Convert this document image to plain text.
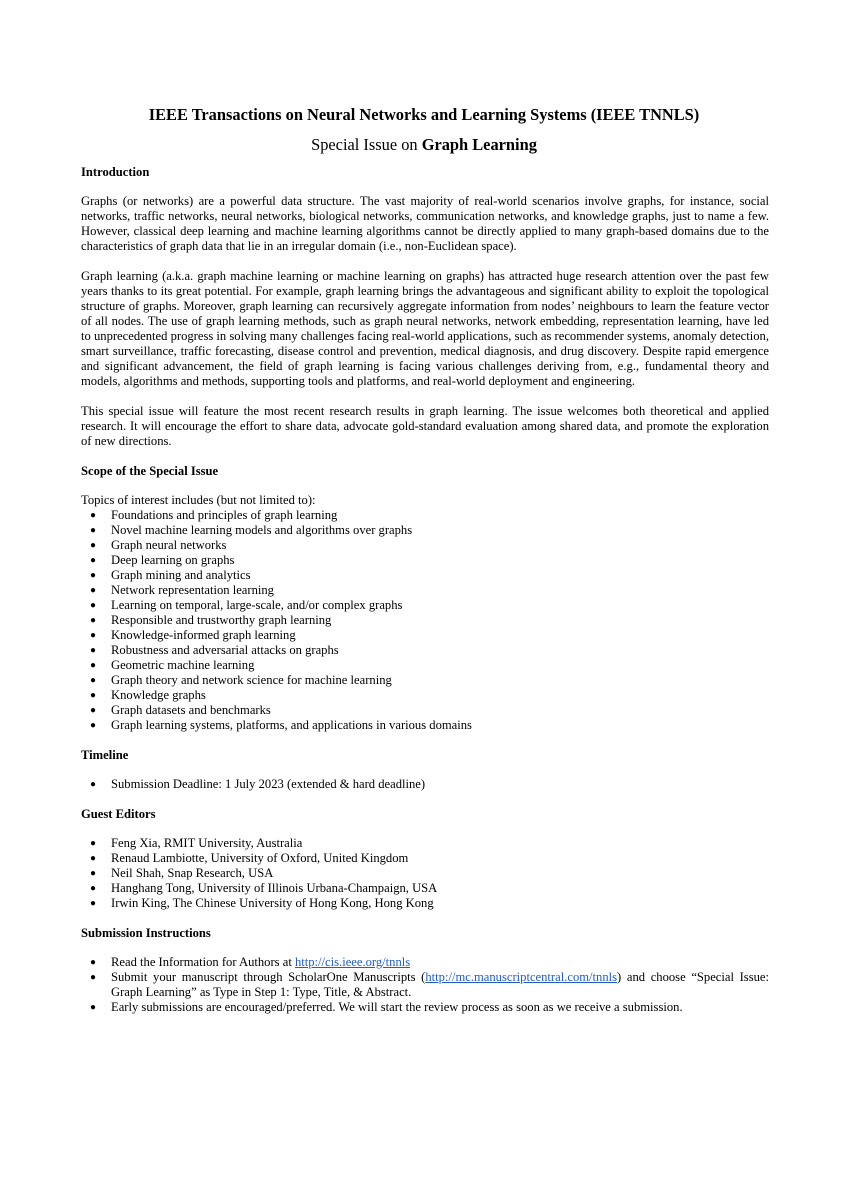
IEEE Transactions on Neural Networks and Learning Systems (IEEE TNNLS)
Special Issue on Graph Learning
Introduction

Graphs (or networks) are a powerful data structure. The vast majority of real-world scenarios involve graphs, for instance, social networks, traffic networks, neural networks, biological networks, communication networks, and knowledge graphs, just to name a few. However, classical deep learning and machine learning algorithms cannot be directly applied to many graph-based domains due to the characteristics of graph data that lie in an irregular domain (i.e., non-Euclidean space).

Graph learning (a.k.a. graph machine learning or machine learning on graphs) has attracted huge research attention over the past few years thanks to its great potential. For example, graph learning brings the advantageous and significant ability to exploit the topological structure of graphs. Moreover, graph learning can recursively aggregate information from nodes’ neighbours to learn the feature vector of all nodes. The use of graph learning methods, such as graph neural networks, network embedding, representation learning, have led to unprecedented progress in solving many challenges facing real-world applications, such as recommender systems, anomaly detection, smart surveillance, traffic forecasting, disease control and prevention, medical diagnosis, and drug discovery. Despite rapid emergence and significant advancement, the field of graph learning is facing various challenges deriving from, e.g., fundamental theory and models, algorithms and methods, supporting tools and platforms, and real-world deployment and engineering.

This special issue will feature the most recent research results in graph learning. The issue welcomes both theoretical and applied research. It will encourage the effort to share data, advocate gold-standard evaluation among shared data, and promote the exploration of new directions.

Scope of the Special Issue
Topics of interest includes (but not limited to):
● Foundations and principles of graph learning
● Novel machine learning models and algorithms over graphs
● Graph neural networks
● Deep learning on graphs
● Graph mining and analytics
● Network representation learning
● Learning on temporal, large-scale, and/or complex graphs
● Responsible and trustworthy graph learning
● Knowledge-informed graph learning
● Robustness and adversarial attacks on graphs
● Geometric machine learning
● Graph theory and network science for machine learning
● Knowledge graphs
● Graph datasets and benchmarks
● Graph learning systems, platforms, and applications in various domains
Timeline
● Submission Deadline: 1 July 2023 (extended & hard deadline)
Guest Editors
● Feng Xia, RMIT University, Australia
● Renaud Lambiotte, University of Oxford, United Kingdom
● Neil Shah, Snap Research, USA
● Hanghang Tong, University of Illinois Urbana-Champaign, USA
● Irwin King, The Chinese University of Hong Kong, Hong Kong
Submission Instructions
● Read the Information for Authors at http://cis.ieee.org/tnnls
● Submit your manuscript through ScholarOne Manuscripts (http://mc.manuscriptcentral.com/tnnls) and choose “Special Issue: Graph Learning” as Type in Step 1: Type, Title, & Abstract.
● Early submissions are encouraged/preferred. We will start the review process as soon as we receive a submission.
